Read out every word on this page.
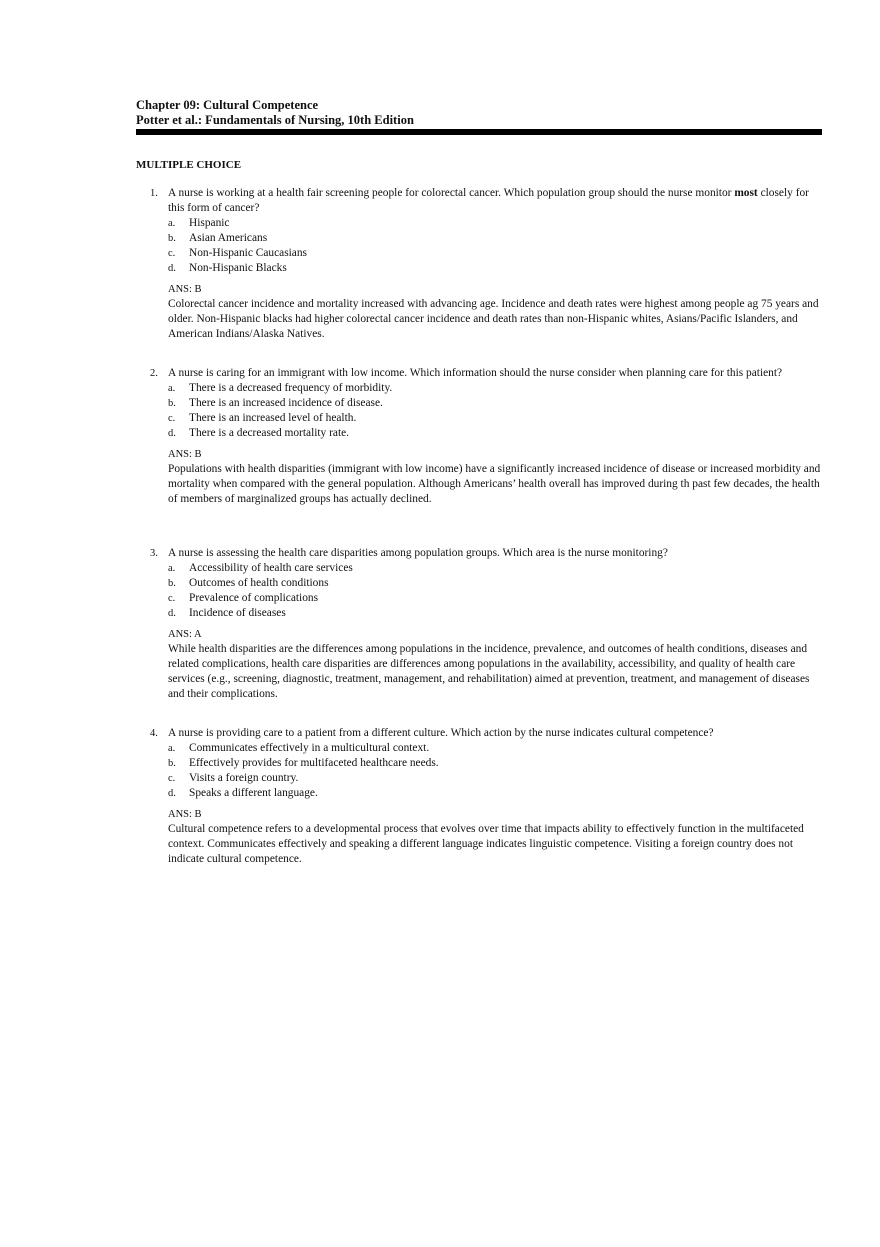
Chapter 09: Cultural Competence
Potter et al.: Fundamentals of Nursing, 10th Edition
MULTIPLE CHOICE
1. A nurse is working at a health fair screening people for colorectal cancer. Which population group should the nurse monitor most closely for this form of cancer?
a. Hispanic
b. Asian Americans
c. Non-Hispanic Caucasians
d. Non-Hispanic Blacks
ANS: B
Colorectal cancer incidence and mortality increased with advancing age. Incidence and death rates were highest among people ag 75 years and older. Non-Hispanic blacks had higher colorectal cancer incidence and death rates than non-Hispanic whites, Asians/Pacific Islanders, and American Indians/Alaska Natives.
2. A nurse is caring for an immigrant with low income. Which information should the nurse consider when planning care for this patient?
a. There is a decreased frequency of morbidity.
b. There is an increased incidence of disease.
c. There is an increased level of health.
d. There is a decreased mortality rate.
ANS: B
Populations with health disparities (immigrant with low income) have a significantly increased incidence of disease or increased morbidity and mortality when compared with the general population. Although Americans’ health overall has improved during th past few decades, the health of members of marginalized groups has actually declined.
3. A nurse is assessing the health care disparities among population groups. Which area is the nurse monitoring?
a. Accessibility of health care services
b. Outcomes of health conditions
c. Prevalence of complications
d. Incidence of diseases
ANS: A
While health disparities are the differences among populations in the incidence, prevalence, and outcomes of health conditions, diseases and related complications, health care disparities are differences among populations in the availability, accessibility, and quality of health care services (e.g., screening, diagnostic, treatment, management, and rehabilitation) aimed at prevention, treatment, and management of diseases and their complications.
4. A nurse is providing care to a patient from a different culture. Which action by the nurse indicates cultural competence?
a. Communicates effectively in a multicultural context.
b. Effectively provides for multifaceted healthcare needs.
c. Visits a foreign country.
d. Speaks a different language.
ANS: B
Cultural competence refers to a developmental process that evolves over time that impacts ability to effectively function in the multifaceted context. Communicates effectively and speaking a different language indicates linguistic competence. Visiting a foreign country does not indicate cultural competence.
